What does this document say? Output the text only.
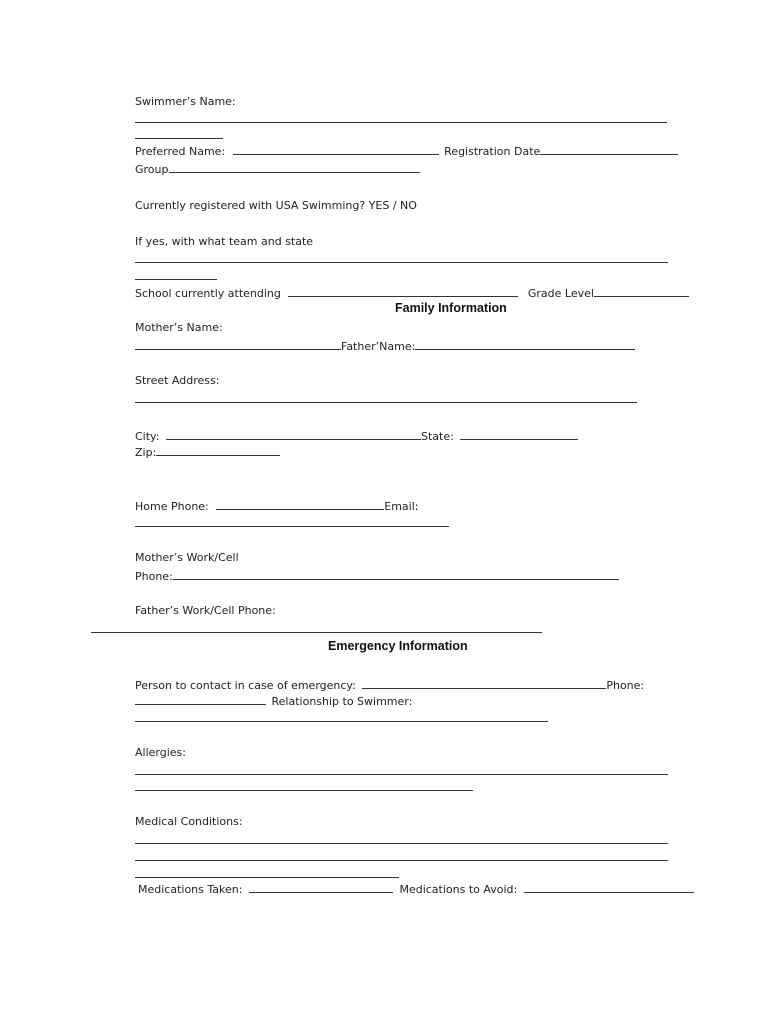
Swimmer’s Name:
Preferred Name:	Registration Date
Group
Currently registered with USA Swimming? YES / NO
If yes, with what team and state
School currently attending	Grade Level
Family Information
Mother’s Name:
Father’Name:
Street Address:
City:	State:
Zip:
Home Phone:	Email:
Mother’s Work/Cell
Phone:
Father’s Work/Cell Phone:
Emergency Information
Person to contact in case of emergency:	Phone:
Relationship to Swimmer:
Allergies:
Medical Conditions:
Medications Taken:	Medications to Avoid:
